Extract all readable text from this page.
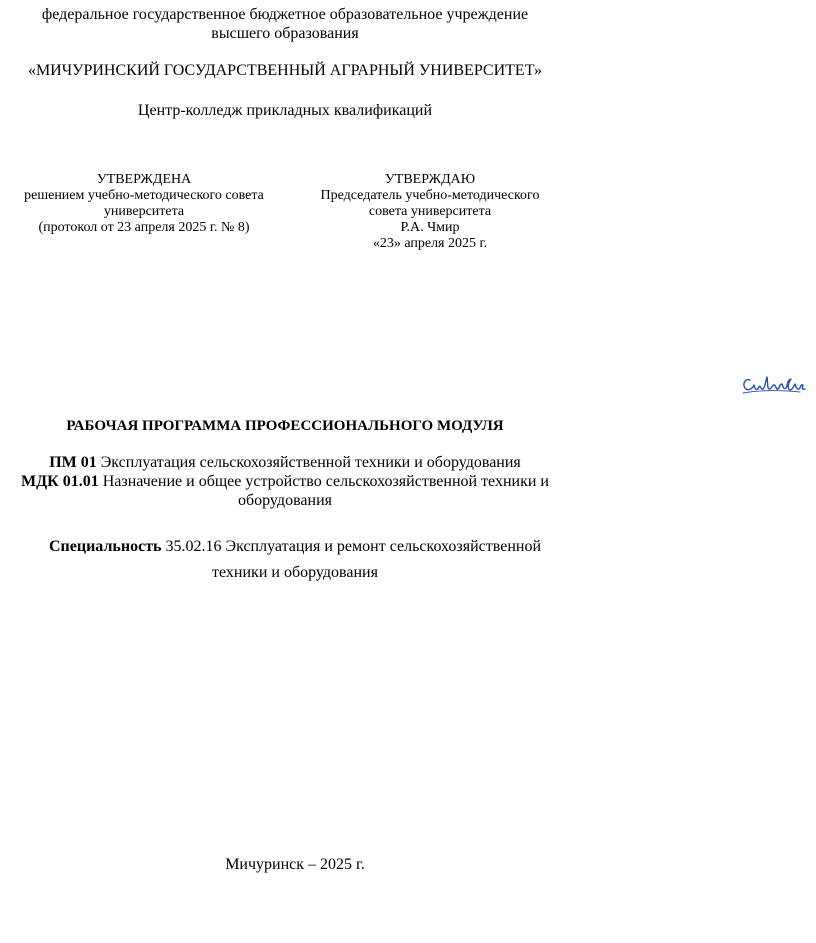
федеральное государственное бюджетное образовательное учреждение
высшего образования
«МИЧУРИНСКИЙ ГОСУДАРСТВЕННЫЙ АГРАРНЫЙ УНИВЕРСИТЕТ»
Центр-колледж прикладных квалификаций
УТВЕРЖДЕНА
решением учебно-методического совета
университета
(протокол от 23 апреля 2025 г. № 8)
УТВЕРЖДАЮ
Председатель учебно-методического
совета университета
Р.А. Чмир
«23» апреля 2025 г.
РАБОЧАЯ ПРОГРАММА ПРОФЕССИОНАЛЬНОГО МОДУЛЯ
ПМ 01 Эксплуатация сельскохозяйственной техники и оборудования
МДК 01.01 Назначение и общее устройство сельскохозяйственной техники и
оборудования
Специальность 35.02.16 Эксплуатация и ремонт сельскохозяйственной
техники и оборудования
Мичуринск – 2025 г.
